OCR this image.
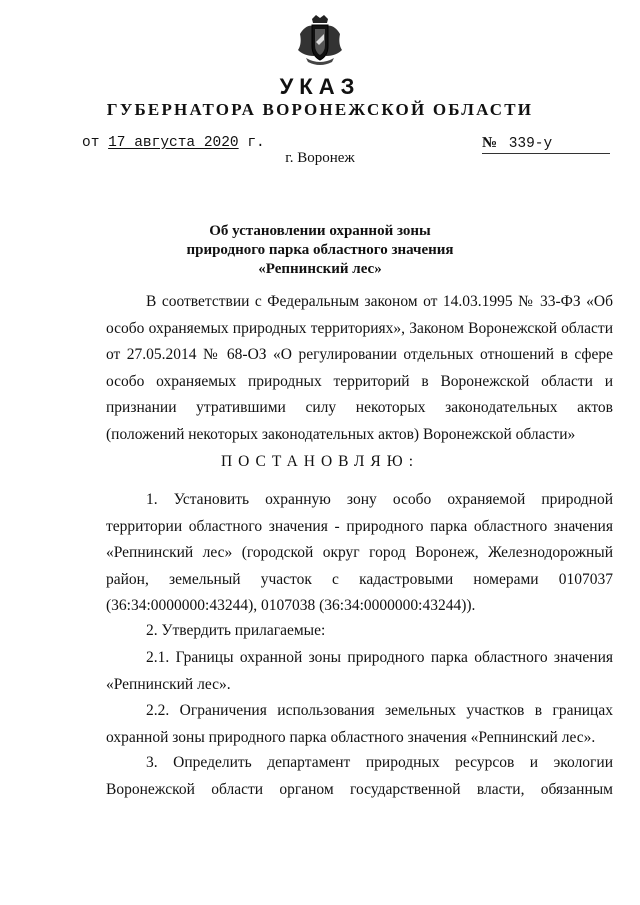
УКАЗ
ГУБЕРНАТОРА ВОРОНЕЖСКОЙ ОБЛАСТИ
от 17 августа 2020 г.	№ 339-у
г. Воронеж
Об установлении охранной зоны
природного парка областного значения
«Репнинский лес»

В соответствии с Федеральным законом от 14.03.1995 № 33-ФЗ «Об особо охраняемых природных территориях», Законом Воронежской области от 27.05.2014 № 68-ОЗ «О регулировании отдельных отношений в сфере особо охраняемых природных территорий в Воронежской области и признании утратившими силу некоторых законодательных актов (положений некоторых законодательных актов) Воронежской области»

ПОСТАНОВЛЯЮ:

1. Установить охранную зону особо охраняемой природной территории областного значения - природного парка областного значения «Репнинский лес» (городской округ город Воронеж, Железнодорожный район, земельный участок с кадастровыми номерами 0107037 (36:34:0000000:43244), 0107038 (36:34:0000000:43244)).

2. Утвердить прилагаемые:

2.1. Границы охранной зоны природного парка областного значения «Репнинский лес».

2.2. Ограничения использования земельных участков в границах охранной зоны природного парка областного значения «Репнинский лес».

3. Определить департамент природных ресурсов и экологии Воронежской области органом государственной власти, обязанным
